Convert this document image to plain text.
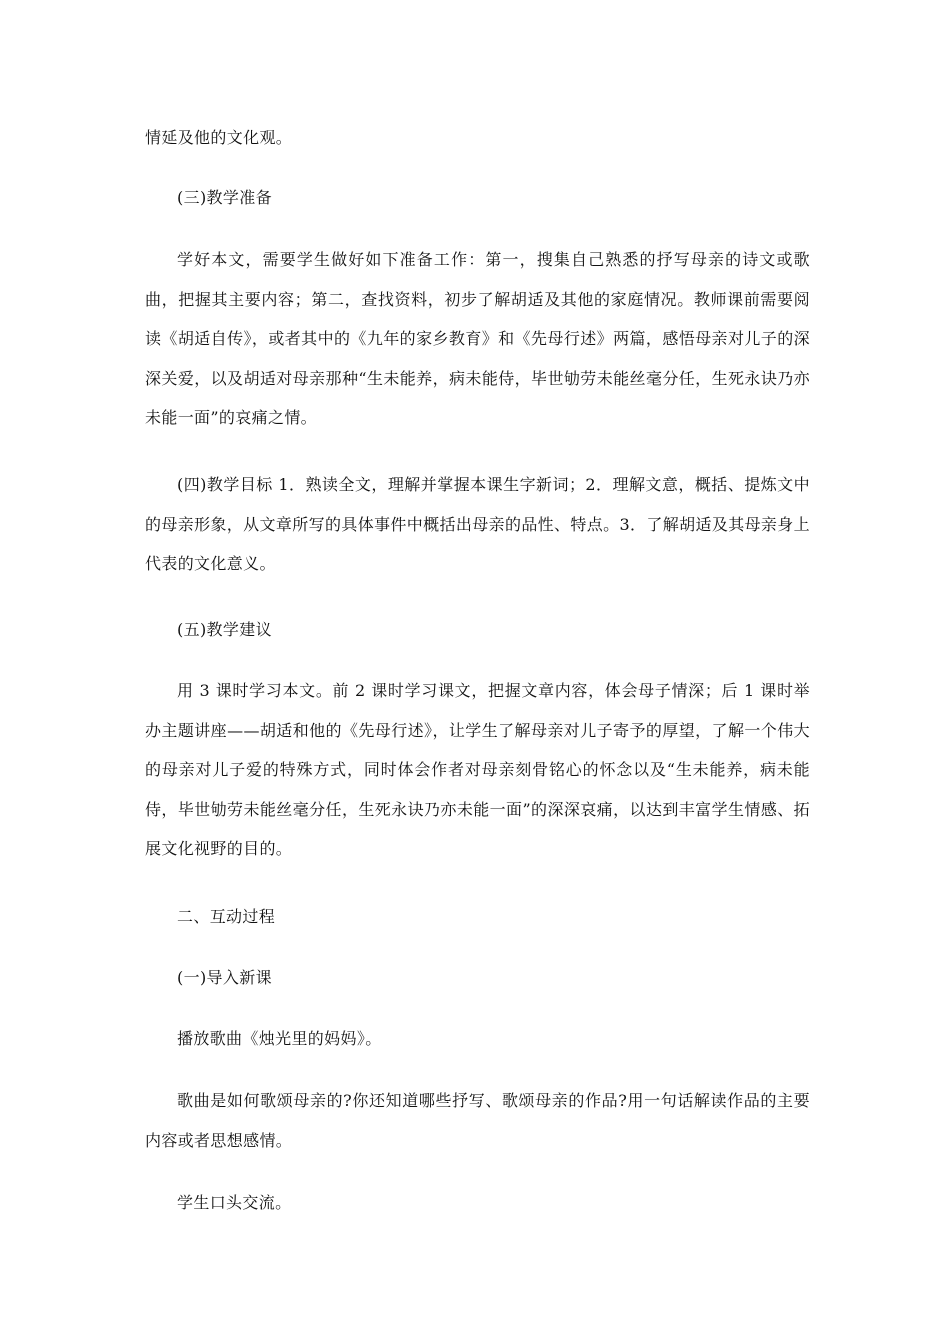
情延及他的文化观。

(三)教学准备

学好本文，需要学生做好如下准备工作：第一，搜集自己熟悉的抒写母亲的诗文或歌曲，把握其主要内容；第二，查找资料，初步了解胡适及其他的家庭情况。教师课前需要阅读《胡适自传》，或者其中的《九年的家乡教育》和《先母行述》两篇，感悟母亲对儿子的深深关爱，以及胡适对母亲那种“生未能养，病未能侍，毕世劬劳未能丝毫分任，生死永诀乃亦未能一面”的哀痛之情。

(四)教学目标 1．熟读全文，理解并掌握本课生字新词；2．理解文意，概括、提炼文中的母亲形象，从文章所写的具体事件中概括出母亲的品性、特点。3．了解胡适及其母亲身上代表的文化意义。

(五)教学建议

用 3 课时学习本文。前 2 课时学习课文，把握文章内容，体会母子情深；后 1 课时举办主题讲座——胡适和他的《先母行述》，让学生了解母亲对儿子寄予的厚望，了解一个伟大的母亲对儿子爱的特殊方式，同时体会作者对母亲刻骨铭心的怀念以及“生未能养，病未能侍，毕世劬劳未能丝毫分任，生死永诀乃亦未能一面”的深深哀痛，以达到丰富学生情感、拓展文化视野的目的。

二、互动过程

(一)导入新课

播放歌曲《烛光里的妈妈》。

歌曲是如何歌颂母亲的?你还知道哪些抒写、歌颂母亲的作品?用一句话解读作品的主要内容或者思想感情。

学生口头交流。
